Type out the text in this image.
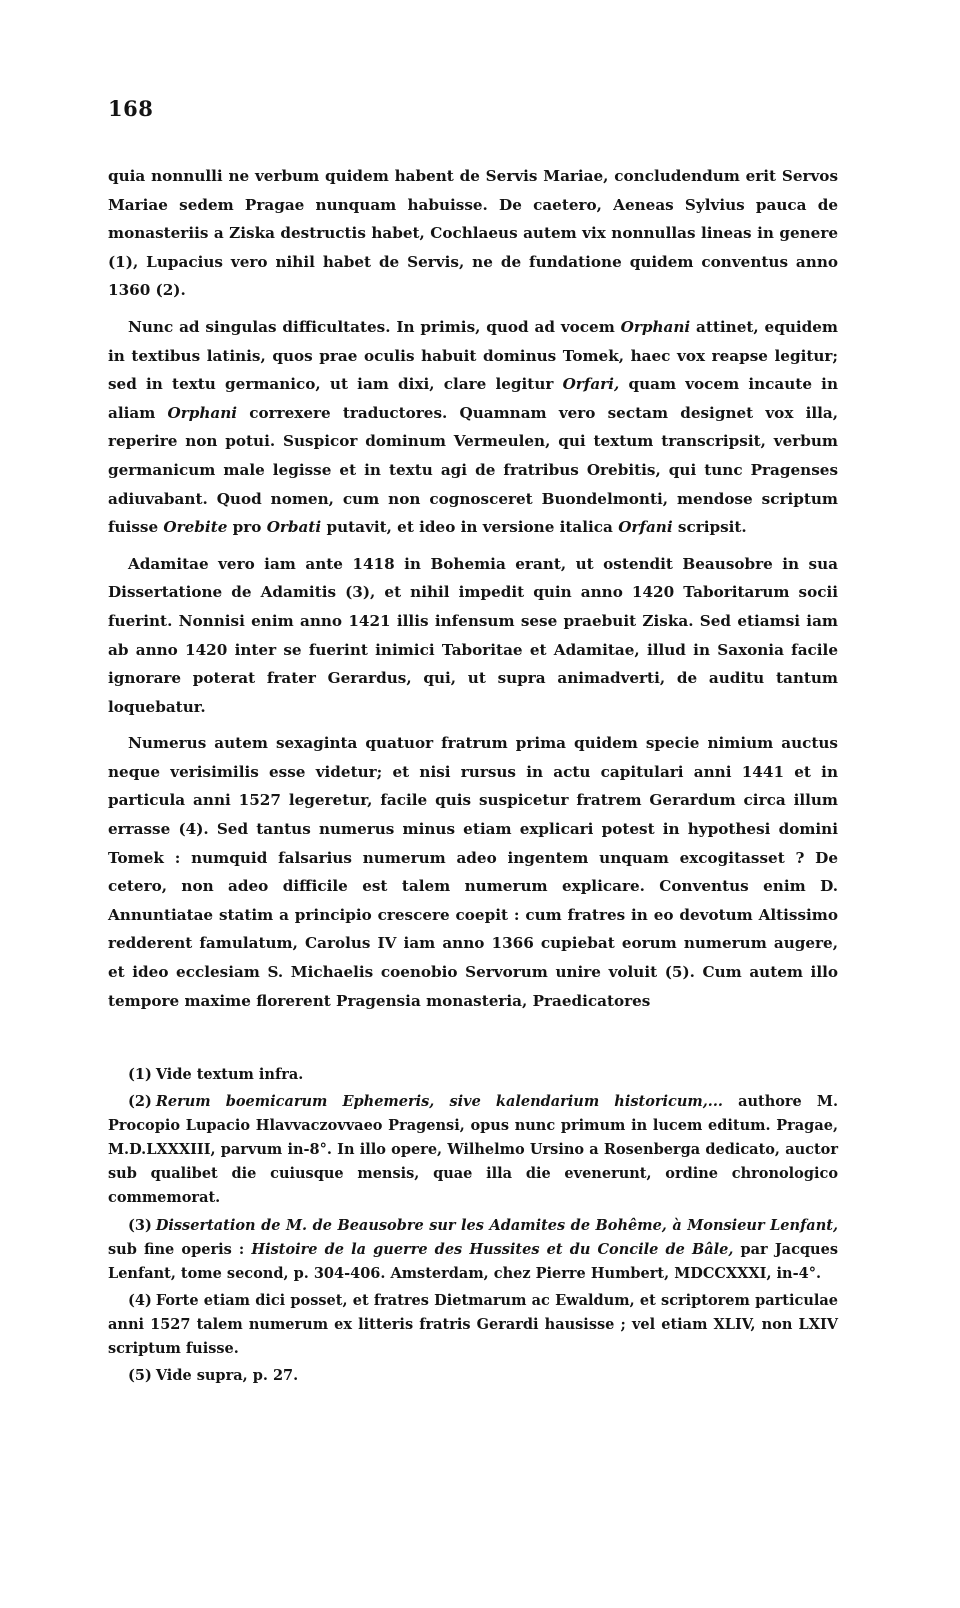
168

quia nonnulli ne verbum quidem habent de Servis Mariae, concludendum erit Servos Mariae sedem Pragae nunquam habuisse. De caetero, Aeneas Sylvius pauca de monasteriis a Ziska destructis habet, Cochlaeus autem vix nonnullas lineas in genere (1), Lupacius vero nihil habet de Servis, ne de fundatione quidem conventus anno 1360 (2).

Nunc ad singulas difficultates. In primis, quod ad vocem Orphani attinet, equidem in textibus latinis, quos prae oculis habuit dominus Tomek, haec vox reapse legitur; sed in textu germanico, ut iam dixi, clare legitur Orfari, quam vocem incaute in aliam Orphani correxere traductores. Quamnam vero sectam designet vox illa, reperire non potui. Suspicor dominum Vermeulen, qui textum transcripsit, verbum germanicum male legisse et in textu agi de fratribus Orebitis, qui tunc Pragenses adiuvabant. Quod nomen, cum non cognosceret Buondelmonti, mendose scriptum fuisse Orebite pro Orbati putavit, et ideo in versione italica Orfani scripsit.

Adamitae vero iam ante 1418 in Bohemia erant, ut ostendit Beausobre in sua Dissertatione de Adamitis (3), et nihil impedit quin anno 1420 Taboritarum socii fuerint. Nonnisi enim anno 1421 illis infensum sese praebuit Ziska. Sed etiamsi iam ab anno 1420 inter se fuerint inimici Taboritae et Adamitae, illud in Saxonia facile ignorare poterat frater Gerardus, qui, ut supra animadverti, de auditu tantum loquebatur.

Numerus autem sexaginta quatuor fratrum prima quidem specie nimium auctus neque verisimilis esse videtur; et nisi rursus in actu capitulari anni 1441 et in particula anni 1527 legeretur, facile quis suspicetur fratrem Gerardum circa illum errasse (4). Sed tantus numerus minus etiam explicari potest in hypothesi domini Tomek : numquid falsarius numerum adeo ingentem unquam excogitasset ? De cetero, non adeo difficile est talem numerum explicare. Conventus enim D. Annuntiatae statim a principio crescere coepit : cum fratres in eo devotum Altissimo redderent famulatum, Carolus IV iam anno 1366 cupiebat eorum numerum augere, et ideo ecclesiam S. Michaelis coenobio Servorum unire voluit (5). Cum autem illo tempore maxime florerent Pragensia monasteria, Praedicatores

(1) Vide textum infra.

(2) Rerum boemicarum Ephemeris, sive kalendarium historicum,... authore M. Procopio Lupacio Hlavvaczovvaeo Pragensi, opus nunc primum in lucem editum. Pragae, M.D.LXXXIII, parvum in-8°. In illo opere, Wilhelmo Ursino a Rosenberga dedicato, auctor sub qualibet die cuiusque mensis, quae illa die evenerunt, ordine chronologico commemorat.

(3) Dissertation de M. de Beausobre sur les Adamites de Bohême, à Monsieur Lenfant, sub fine operis : Histoire de la guerre des Hussites et du Concile de Bâle, par Jacques Lenfant, tome second, p. 304-406. Amsterdam, chez Pierre Humbert, MDCCXXXI, in-4°.

(4) Forte etiam dici posset, et fratres Dietmarum ac Ewaldum, et scriptorem particulae anni 1527 talem numerum ex litteris fratris Gerardi hausisse ; vel etiam XLIV, non LXIV scriptum fuisse.

(5) Vide supra, p. 27.
